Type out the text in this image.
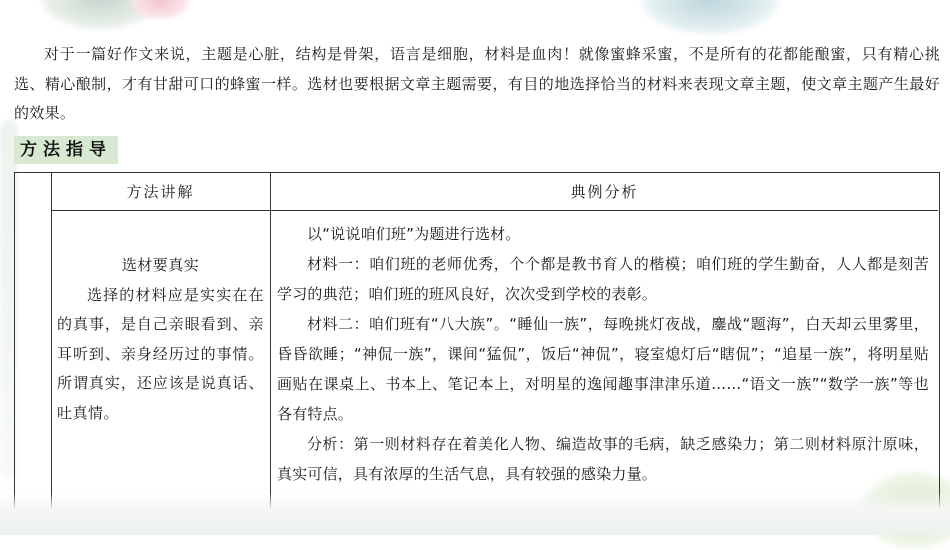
对于一篇好作文来说，主题是心脏，结构是骨架，语言是细胞，材料是血肉！就像蜜蜂采蜜，不是所有的花都能酿蜜，只有精心挑选、精心酿制，才有甘甜可口的蜂蜜一样。选材也要根据文章主题需要，有目的地选择恰当的材料来表现文章主题，使文章主题产生最好的效果。
方法指导
方法讲解	典例分析
选材要真实
选择的材料应是实实在在的真事，是自己亲眼看到、亲耳听到、亲身经历过的事情。所谓真实，还应该是说真话、吐真情。

以“说说咱们班”为题进行选材。

材料一：咱们班的老师优秀，个个都是教书育人的楷模；咱们班的学生勤奋，人人都是刻苦学习的典范；咱们班的班风良好，次次受到学校的表彰。

材料二：咱们班有“八大族”。“睡仙一族”，每晚挑灯夜战，鏖战“题海”，白天却云里雾里，昏昏欲睡；“神侃一族”，课间“猛侃”，饭后“神侃”，寝室熄灯后“瞎侃”；“追星一族”，将明星贴画贴在课桌上、书本上、笔记本上，对明星的逸闻趣事津津乐道……“语文一族”“数学一族”等也各有特点。

分析：第一则材料存在着美化人物、编造故事的毛病，缺乏感染力；第二则材料原汁原味，真实可信，具有浓厚的生活气息，具有较强的感染力量。
